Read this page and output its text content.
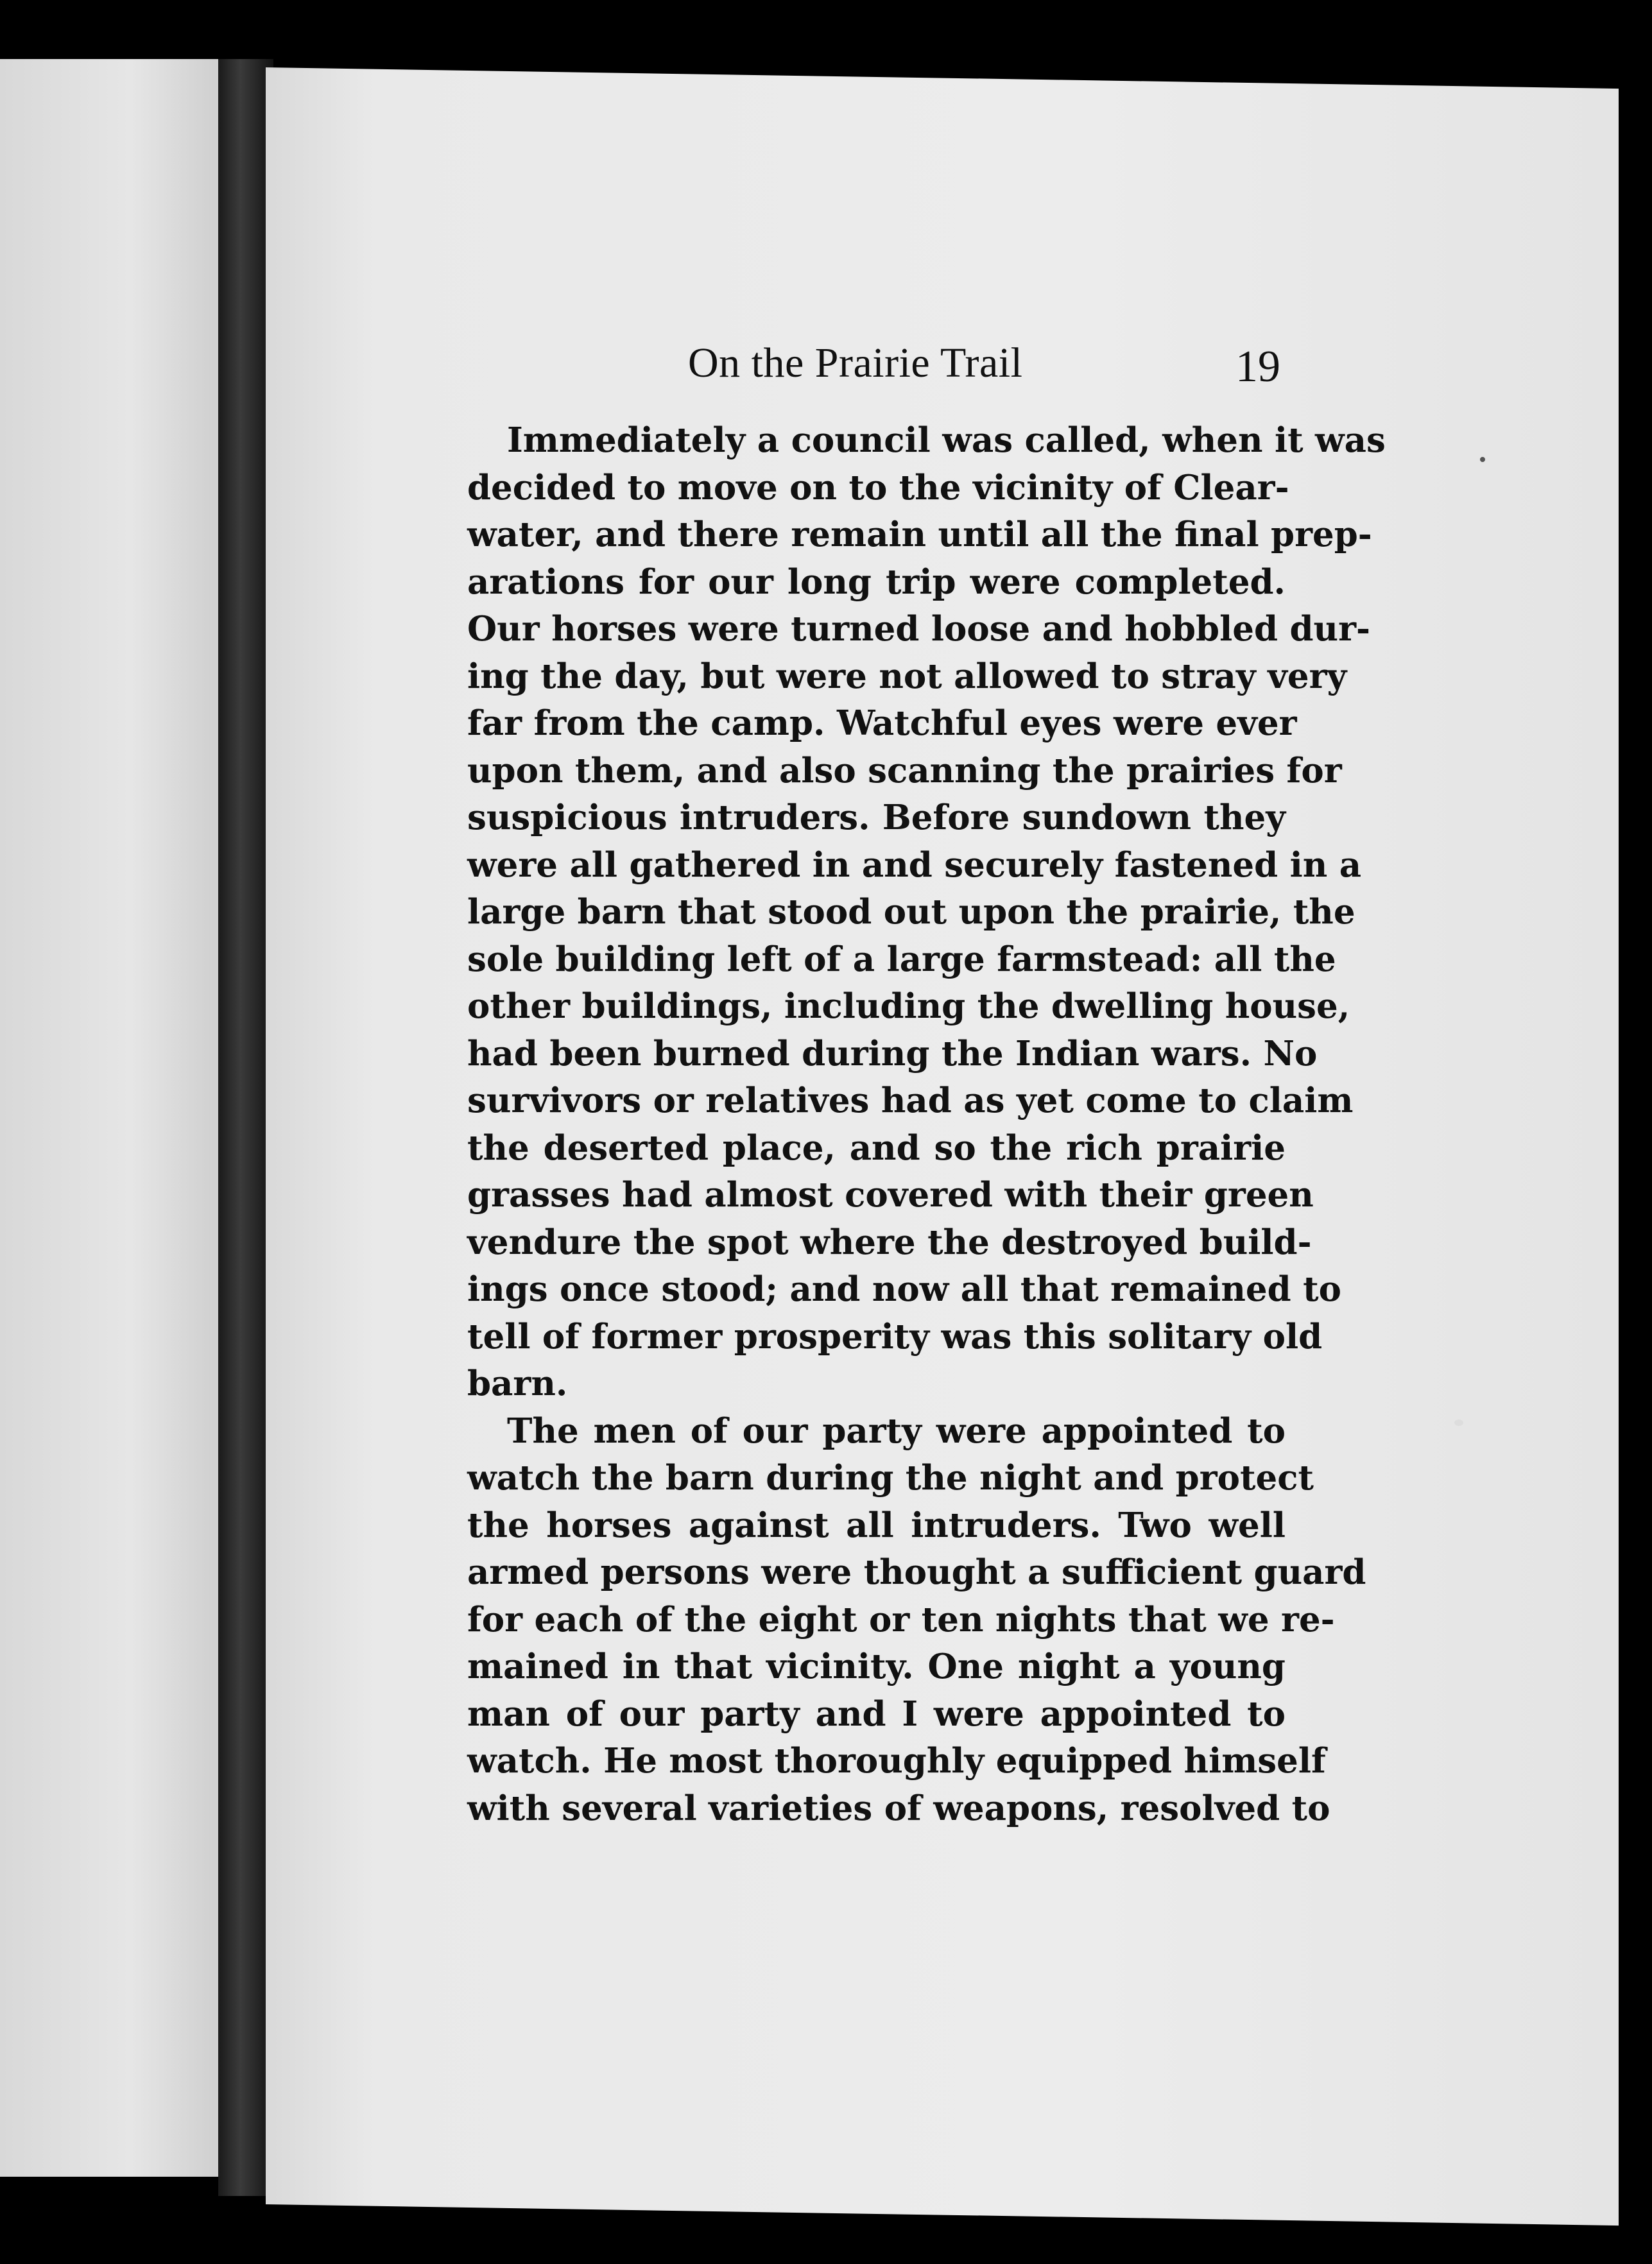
On the Prairie Trail	19

Immediately a council was called, when it was
decided to move on to the vicinity of Clear-
water, and there remain until all the final prep-
arations for our long trip were completed.
Our horses were turned loose and hobbled dur-
ing the day, but were not allowed to stray very
far from the camp. Watchful eyes were ever
upon them, and also scanning the prairies for
suspicious intruders. Before sundown they
were all gathered in and securely fastened in a
large barn that stood out upon the prairie, the
sole building left of a large farmstead: all the
other buildings, including the dwelling house,
had been burned during the Indian wars. No
survivors or relatives had as yet come to claim
the deserted place, and so the rich prairie
grasses had almost covered with their green
vendure the spot where the destroyed build-
ings once stood; and now all that remained to
tell of former prosperity was this solitary old
barn.

The men of our party were appointed to
watch the barn during the night and protect
the horses against all intruders. Two well
armed persons were thought a sufficient guard
for each of the eight or ten nights that we re-
mained in that vicinity. One night a young
man of our party and I were appointed to
watch. He most thoroughly equipped himself
with several varieties of weapons, resolved to
